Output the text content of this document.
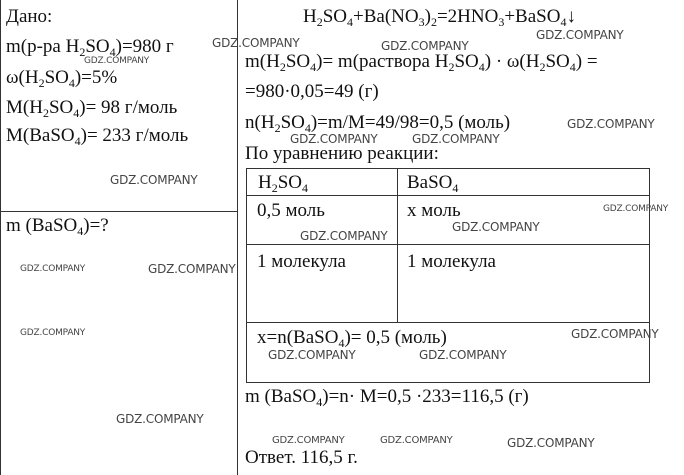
Дано:
m(р-ра $H_2SO_4)=980$ г
$\omega(H_2SO_4)=5\%$
$M(H_2SO_4)= 98$ г/моль
M(BaSO$_4$)= 233 г/моль
m (BaSO$_4$)=?
$H_2SO_4+Ba(NO_3)_2=2HNO_3+BaSO_4↓$
$m(H_2SO_4)=$ m(раствора $H_2SO_4) \cdot \omega(H_2SO_4)$ =
=980·0,05=49 (г)
$n(H_2SO_4)=m/M=49/98=0,5$ (моль)
По уравнению реакции:
$H_2SO_4$	BaSO$_4$
0,5 моль	x моль
1 молекула	1 молекула
x=n(BaSO$_4$)= 0,5 (моль)
m (BaSO$_4$)=n· M=0,5 ·233=116,5 (г)
Ответ. 116,5 г.
GDZ.COMPANY
GDZ.COMPANY
GDZ.COMPANY
GDZ.COMPANY
GDZ.COMPANY	GDZ.COMPANY
GDZ.COMPANY
GDZ.COMPANY
GDZ.COMPANY
GDZ.COMPANY
GDZ.COMPANY
GDZ.COMPANY
GDZ.COMPANY
GDZ.COMPANY	GDZ.COMPANY
GDZ.COMPANY	GDZ.COMPANY
GDZ.COMPANY
GDZ.COMPANY	GDZ.COMPANY	GDZ.COMPANY
